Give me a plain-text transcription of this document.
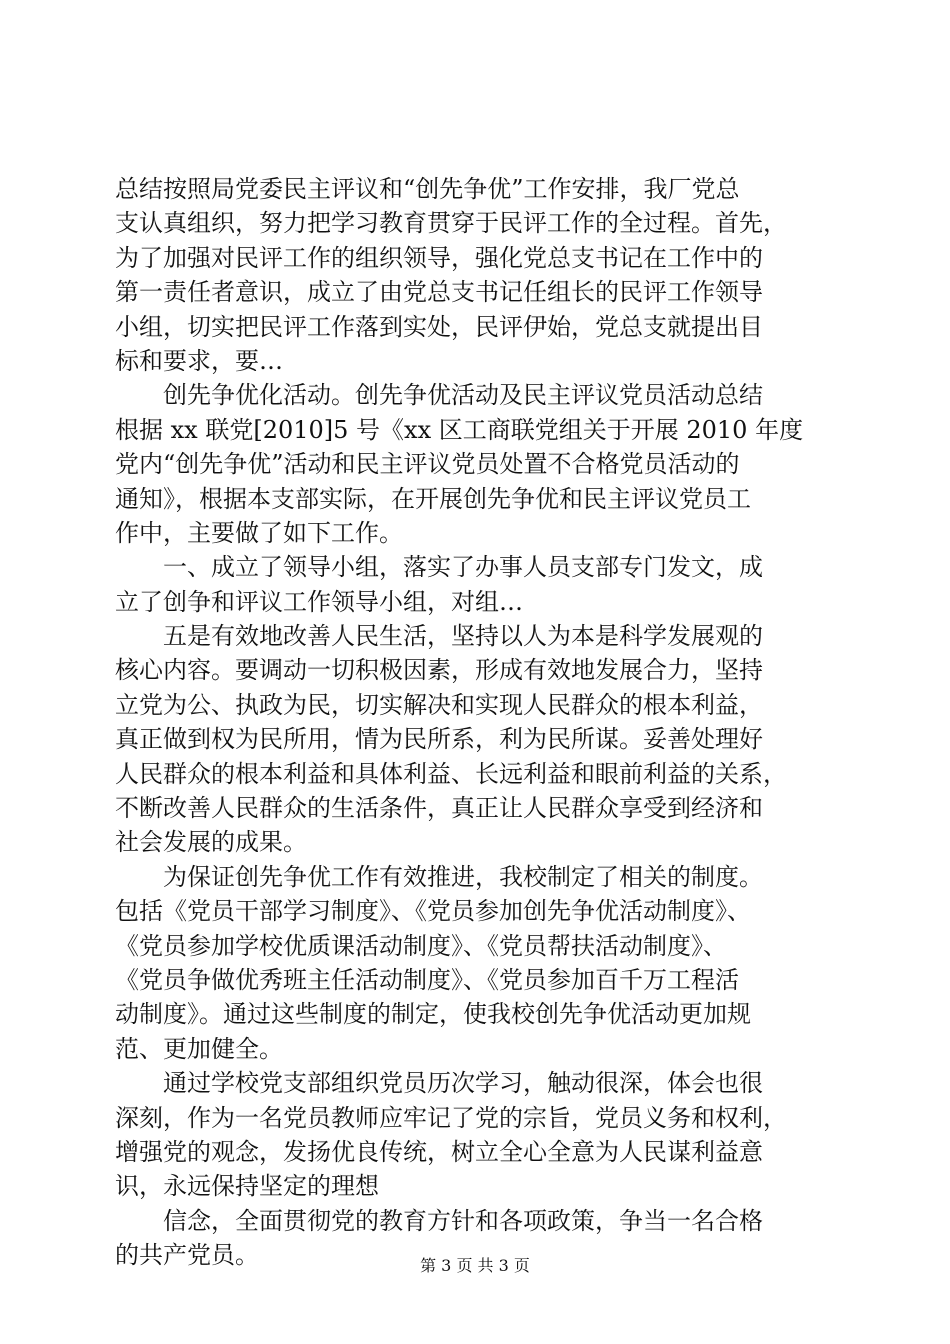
总结按照局党委民主评议和“创先争优”工作安排，我厂党总
支认真组织，努力把学习教育贯穿于民评工作的全过程。首先，
为了加强对民评工作的组织领导，强化党总支书记在工作中的
第一责任者意识，成立了由党总支书记任组长的民评工作领导
小组，切实把民评工作落到实处，民评伊始，党总支就提出目
标和要求，要…
　　创先争优化活动。创先争优活动及民主评议党员活动总结
根据 xx 联党[2010]5 号《xx 区工商联党组关于开展 2010 年度
党内“创先争优”活动和民主评议党员处置不合格党员活动的
通知》，根据本支部实际，在开展创先争优和民主评议党员工
作中，主要做了如下工作。
　　一、成立了领导小组，落实了办事人员支部专门发文，成
立了创争和评议工作领导小组，对组…
　　五是有效地改善人民生活，坚持以人为本是科学发展观的
核心内容。要调动一切积极因素，形成有效地发展合力，坚持
立党为公、执政为民，切实解决和实现人民群众的根本利益，
真正做到权为民所用，情为民所系，利为民所谋。妥善处理好
人民群众的根本利益和具体利益、长远利益和眼前利益的关系，
不断改善人民群众的生活条件，真正让人民群众享受到经济和
社会发展的成果。
　　为保证创先争优工作有效推进，我校制定了相关的制度。
包括《党员干部学习制度》、《党员参加创先争优活动制度》、
《党员参加学校优质课活动制度》、《党员帮扶活动制度》、
《党员争做优秀班主任活动制度》、《党员参加百千万工程活
动制度》。通过这些制度的制定，使我校创先争优活动更加规
范、更加健全。
　　通过学校党支部组织党员历次学习，触动很深，体会也很
深刻，作为一名党员教师应牢记了党的宗旨，党员义务和权利，
增强党的观念，发扬优良传统，树立全心全意为人民谋利益意
识，永远保持坚定的理想
　　信念，全面贯彻党的教育方针和各项政策，争当一名合格
的共产党员。	第 3 页 共 3 页
